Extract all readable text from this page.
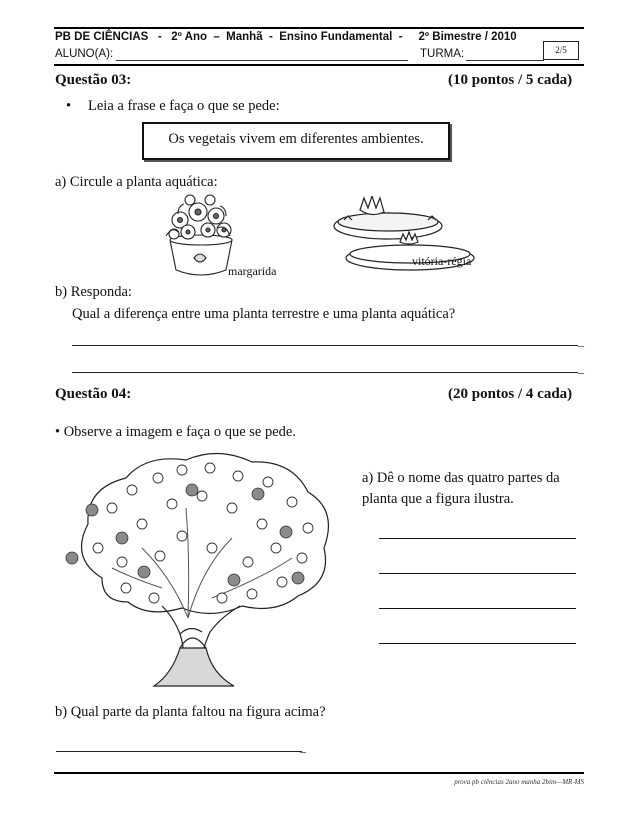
PB DE CIÊNCIAS   -   2º Ano  –  Manhã  -  Ensino Fundamental  -     2º Bimestre / 2010
ALUNO(A):	TURMA:	2/5
Questão 03:	(10 pontos / 5 cada)
• Leia a frase e faça o que se pede:
Os vegetais vivem em diferentes ambientes.
a) Circule a planta aquática:
margarida
vitória-régia
b) Responda:
Qual a diferença entre uma planta terrestre e uma planta aquática?
_
_
Questão 04:	(20 pontos / 4 cada)
• Observe a imagem e faça o que se pede.
a) Dê o nome das quatro partes da planta que a figura ilustra.
b) Qual parte da planta faltou na figura acima?
_
prova pb ciências 2ano manha 2bim—MR-MS
